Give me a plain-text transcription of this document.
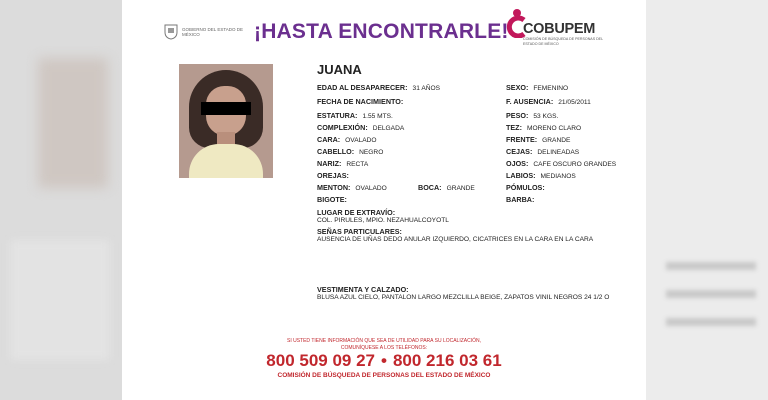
GOBIERNO DEL ESTADO DE MÉXICO	¡HASTA ENCONTRARLE! COBUPEM
COMISIÓN DE BÚSQUEDA DE PERSONAS DEL ESTADO DE MÉXICO
JUANA
EDAD AL DESAPARECER: 31 AÑOS
FECHA DE NACIMIENTO:
ESTATURA: 1.55 MTS.
COMPLEXIÓN: DELGADA
CARA: OVALADO
CABELLO: NEGRO
NARIZ: RECTA
OREJAS:
MENTON: OVALADO	BOCA: GRANDE
BIGOTE:
SEXO: FEMENINO
F. AUSENCIA: 21/05/2011
PESO: 53 KGS.
TEZ: MORENO CLARO
FRENTE: GRANDE
CEJAS: DELINEADAS
OJOS: CAFE OSCURO GRANDES
LABIOS: MEDIANOS
PÓMULOS:
BARBA:
LUGAR DE EXTRAVÍO:
COL. PIRULES, MPIO. NEZAHUALCOYOTL
SEÑAS PARTICULARES:
AUSENCIA DE UÑAS DEDO ANULAR IZQUIERDO, CICATRICES EN LA CARA EN LA CARA
VESTIMENTA Y CALZADO:
BLUSA AZUL CIELO, PANTALON LARGO MEZCLILLA BEIGE, ZAPATOS VINIL NEGROS 24 1/2 O
SI USTED TIENE INFORMACIÓN QUE SEA DE UTILIDAD PARA SU LOCALIZACIÓN,
COMUNÍQUESE A LOS TELÉFONOS:
800 509 09 27 • 800 216 03 61
COMISIÓN DE BÚSQUEDA DE PERSONAS DEL ESTADO DE MÉXICO
